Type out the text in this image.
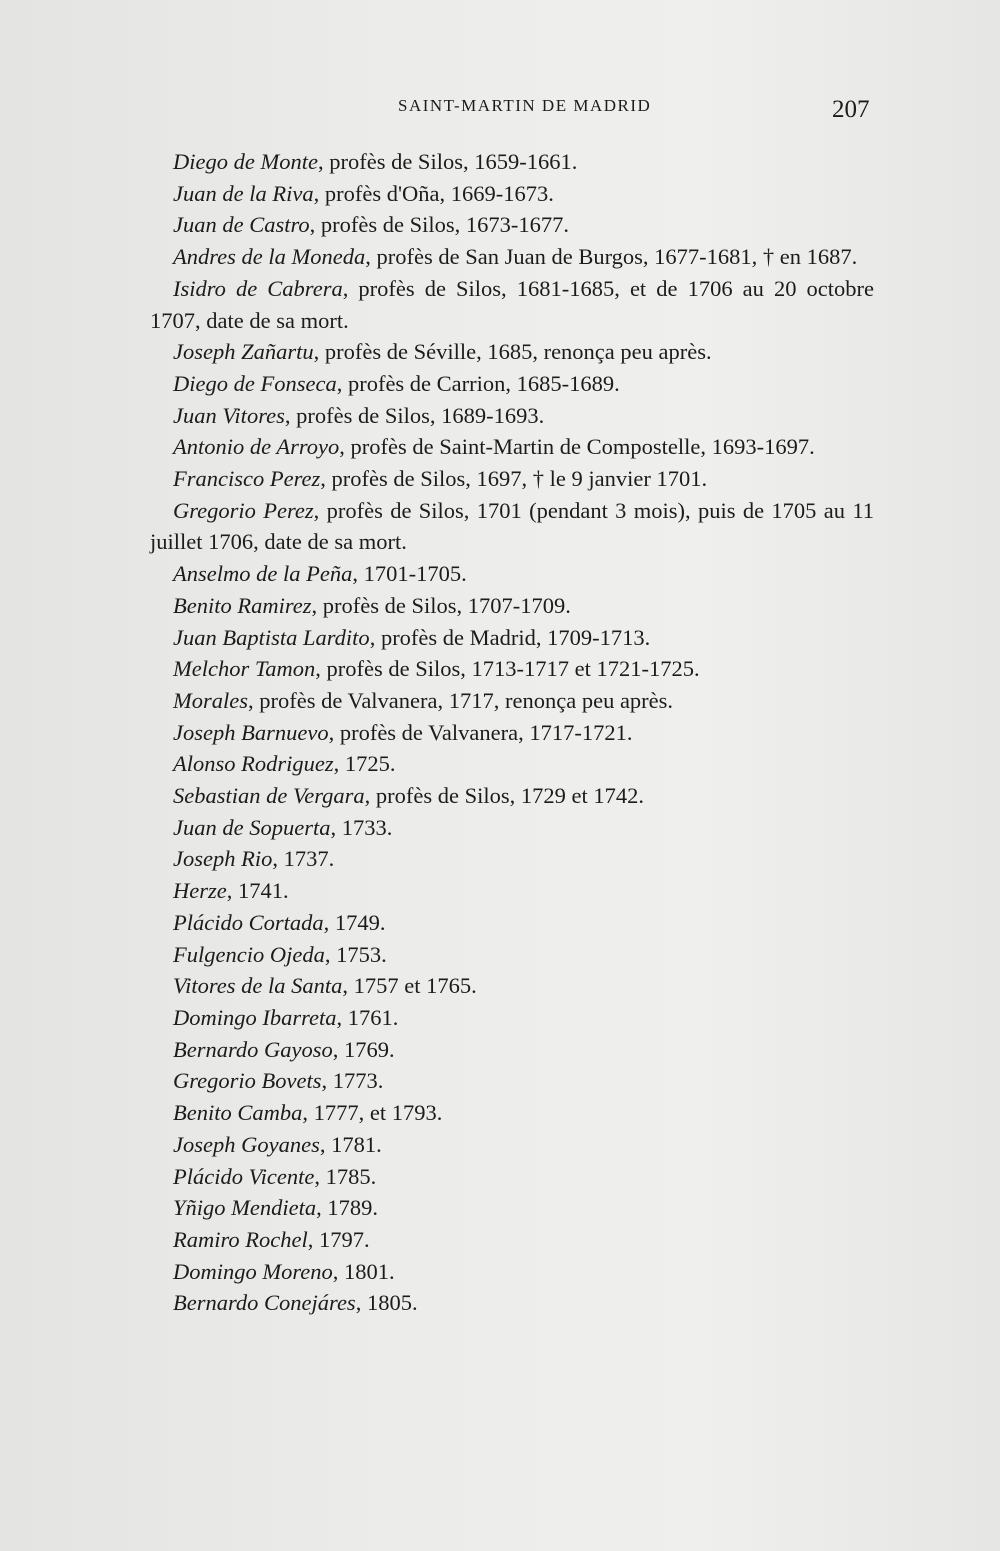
SAINT-MARTIN DE MADRID	207
Diego de Monte, profès de Silos, 1659-1661.
Juan de la Riva, profès d'Oña, 1669-1673.
Juan de Castro, profès de Silos, 1673-1677.
Andres de la Moneda, profès de San Juan de Burgos, 1677-1681, † en 1687.
Isidro de Cabrera, profès de Silos, 1681-1685, et de 1706 au 20 octobre 1707, date de sa mort.
Joseph Zañartu, profès de Séville, 1685, renonça peu après.
Diego de Fonseca, profès de Carrion, 1685-1689.
Juan Vitores, profès de Silos, 1689-1693.
Antonio de Arroyo, profès de Saint-Martin de Compostelle, 1693-1697.
Francisco Perez, profès de Silos, 1697, † le 9 janvier 1701.
Gregorio Perez, profès de Silos, 1701 (pendant 3 mois), puis de 1705 au 11 juillet 1706, date de sa mort.
Anselmo de la Peña, 1701-1705.
Benito Ramirez, profès de Silos, 1707-1709.
Juan Baptista Lardito, profès de Madrid, 1709-1713.
Melchor Tamon, profès de Silos, 1713-1717 et 1721-1725.
Morales, profès de Valvanera, 1717, renonça peu après.
Joseph Barnuevo, profès de Valvanera, 1717-1721.
Alonso Rodriguez, 1725.
Sebastian de Vergara, profès de Silos, 1729 et 1742.
Juan de Sopuerta, 1733.
Joseph Rio, 1737.
Herze, 1741.
Plácido Cortada, 1749.
Fulgencio Ojeda, 1753.
Vitores de la Santa, 1757 et 1765.
Domingo Ibarreta, 1761.
Bernardo Gayoso, 1769.
Gregorio Bovets, 1773.
Benito Camba, 1777, et 1793.
Joseph Goyanes, 1781.
Plácido Vicente, 1785.
Yñigo Mendieta, 1789.
Ramiro Rochel, 1797.
Domingo Moreno, 1801.
Bernardo Conejáres, 1805.
